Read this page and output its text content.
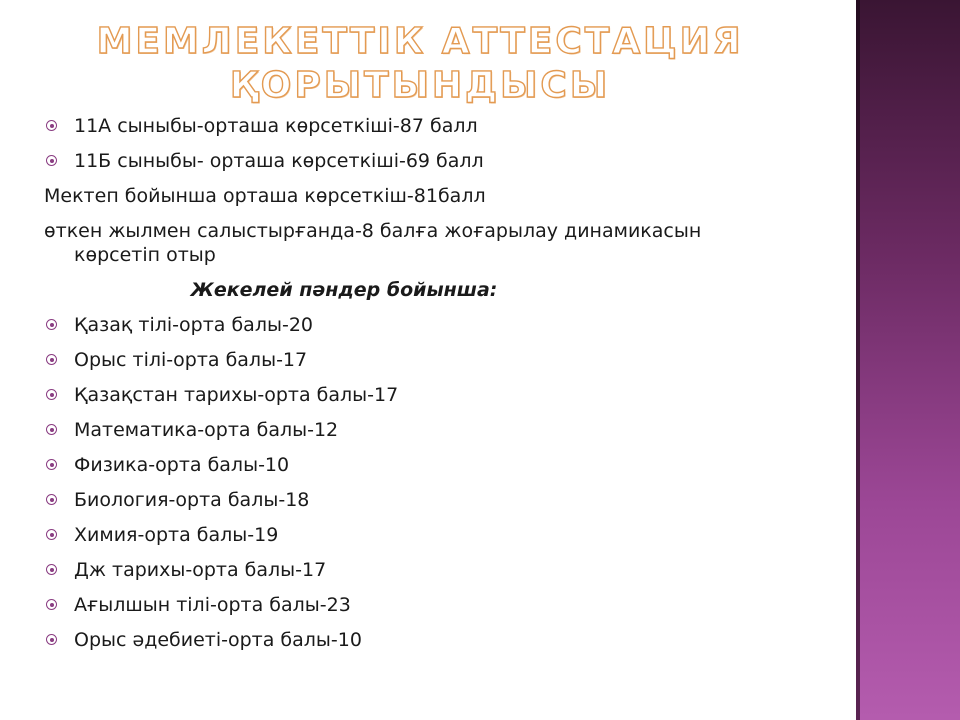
МЕМЛЕКЕТТІК АТТЕСТАЦИЯ
ҚОРЫТЫНДЫСЫ
11А сыныбы-орташа көрсеткіші-87 балл
11Б сыныбы- орташа көрсеткіші-69 балл
Мектеп бойынша орташа көрсеткіш-81балл
өткен жылмен салыстырғанда-8 балға жоғарылау динамикасын көрсетіп отыр
Жекелей пәндер бойынша:
Қазақ тілі-орта балы-20
Орыс тілі-орта балы-17
Қазақстан тарихы-орта балы-17
Математика-орта балы-12
Физика-орта балы-10
Биология-орта балы-18
Химия-орта балы-19
Дж тарихы-орта балы-17
Ағылшын тілі-орта балы-23
Орыс әдебиеті-орта балы-10
